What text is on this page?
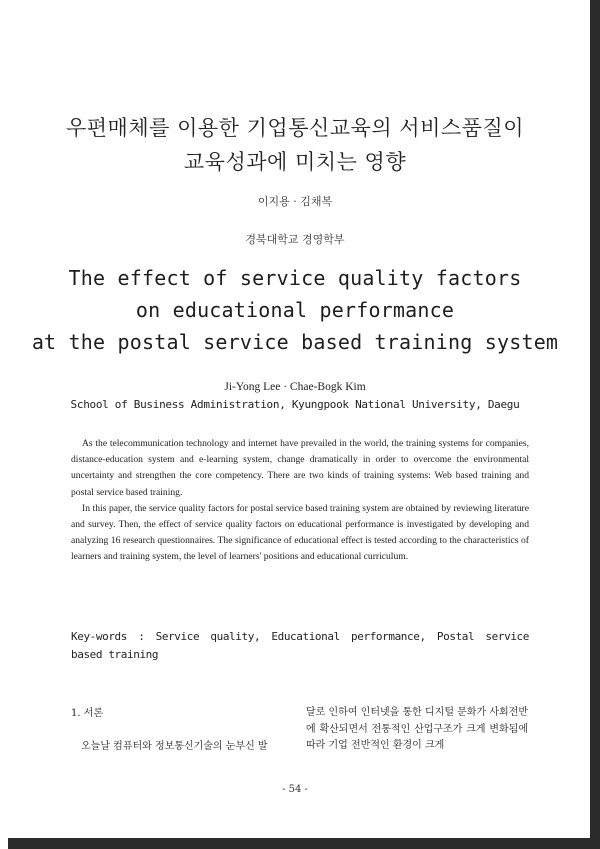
우편매체를 이용한 기업통신교육의 서비스품질이
교육성과에 미치는 영향
이지용 · 김채복
경북대학교 경영학부
The effect of service quality factors
on educational performance
at the postal service based training system
Ji-Yong Lee · Chae-Bogk Kim
School of Business Administration, Kyungpook National University, Daegu

As the telecommunication technology and internet have prevailed in the world, the training systems for companies, distance-education system and e-learning system, change dramatically in order to overcome the environmental uncertainty and strengthen the core competency. There are two kinds of training systems: Web based training and postal service based training.

In this paper, the service quality factors for postal service based training system are obtained by reviewing literature and survey. Then, the effect of service quality factors on educational performance is investigated by developing and analyzing 16 research questionnaires. The significance of educational effect is tested according to the characteristics of learners and training system, the level of learners' positions and educational curriculum.

Key-words : Service quality, Educational performance, Postal service based training

1. 서론

오늘날 컴퓨터와 정보통신기술의 눈부신 발

달로 인하여 인터넷을 통한 디지털 문화가 사회전반에 확산되면서 전통적인 산업구조가 크게 변화됨에 따라 기업 전반적인 환경이 크게
- 54 -
